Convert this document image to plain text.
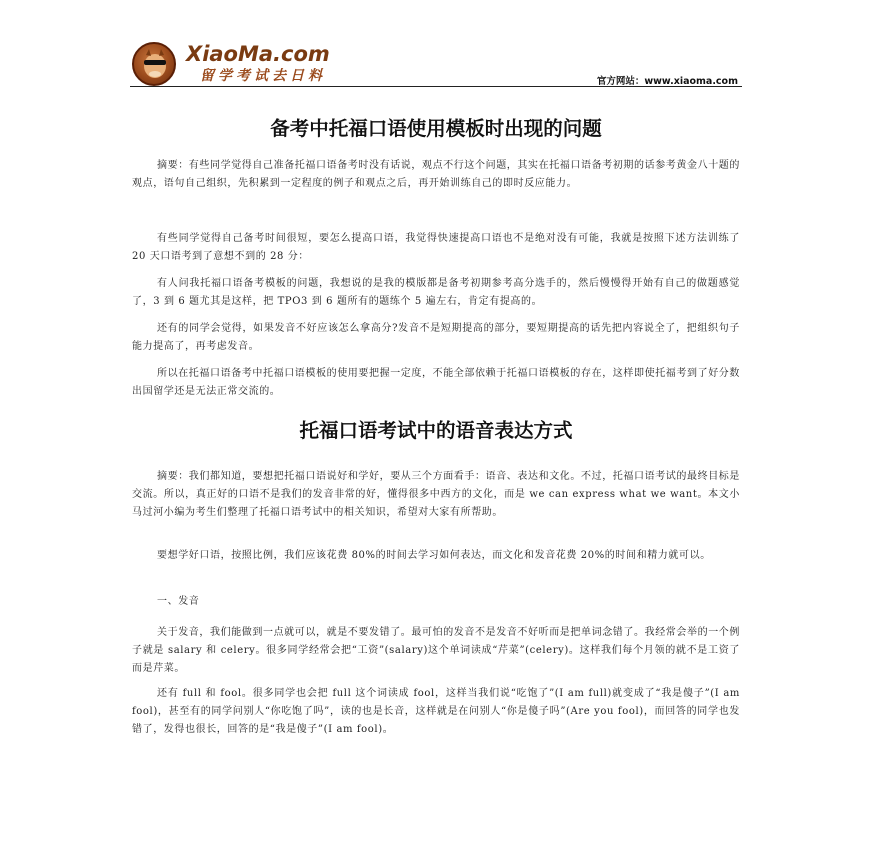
XiaoMa.com
留学考试去日料	官方网站：www.xiaoma.com
备考中托福口语使用模板时出现的问题

摘要：有些同学觉得自己准备托福口语备考时没有话说，观点不行这个问题，其实在托福口语备考初期的话参考黄金八十题的观点，语句自己组织，先积累到一定程度的例子和观点之后，再开始训练自己的即时反应能力。

有些同学觉得自己备考时间很短，要怎么提高口语，我觉得快速提高口语也不是绝对没有可能，我就是按照下述方法训练了 20 天口语考到了意想不到的 28 分：

有人问我托福口语备考模板的问题，我想说的是我的模版都是备考初期参考高分选手的，然后慢慢得开始有自己的做题感觉了，3 到 6 题尤其是这样，把 TPO3 到 6 题所有的题练个 5 遍左右，肯定有提高的。

还有的同学会觉得，如果发音不好应该怎么拿高分?发音不是短期提高的部分，要短期提高的话先把内容说全了，把组织句子能力提高了，再考虑发音。

所以在托福口语备考中托福口语模板的使用要把握一定度，不能全部依赖于托福口语模板的存在，这样即使托福考到了好分数出国留学还是无法正常交流的。

托福口语考试中的语音表达方式

摘要：我们都知道，要想把托福口语说好和学好，要从三个方面看手：语音、表达和文化。不过，托福口语考试的最终目标是交流。所以，真正好的口语不是我们的发音非常的好，懂得很多中西方的文化，而是 we can express what we want。本文小马过河小编为考生们整理了托福口语考试中的相关知识，希望对大家有所帮助。

要想学好口语，按照比例，我们应该花费 80%的时间去学习如何表达，而文化和发音花费 20%的时间和精力就可以。

一、发音

关于发音，我们能做到一点就可以，就是不要发错了。最可怕的发音不是发音不好听而是把单词念错了。我经常会举的一个例子就是 salary 和 celery。很多同学经常会把“工资”(salary)这个单词读成“芹菜”(celery)。这样我们每个月领的就不是工资了而是芹菜。

还有 full 和 fool。很多同学也会把 full 这个词读成 fool，这样当我们说“吃饱了”(I am full)就变成了“我是傻子”(I am fool)，甚至有的同学问别人“你吃饱了吗”，读的也是长音，这样就是在问别人“你是傻子吗”(Are you fool)，而回答的同学也发错了，发得也很长，回答的是“我是傻子”(I am fool)。
